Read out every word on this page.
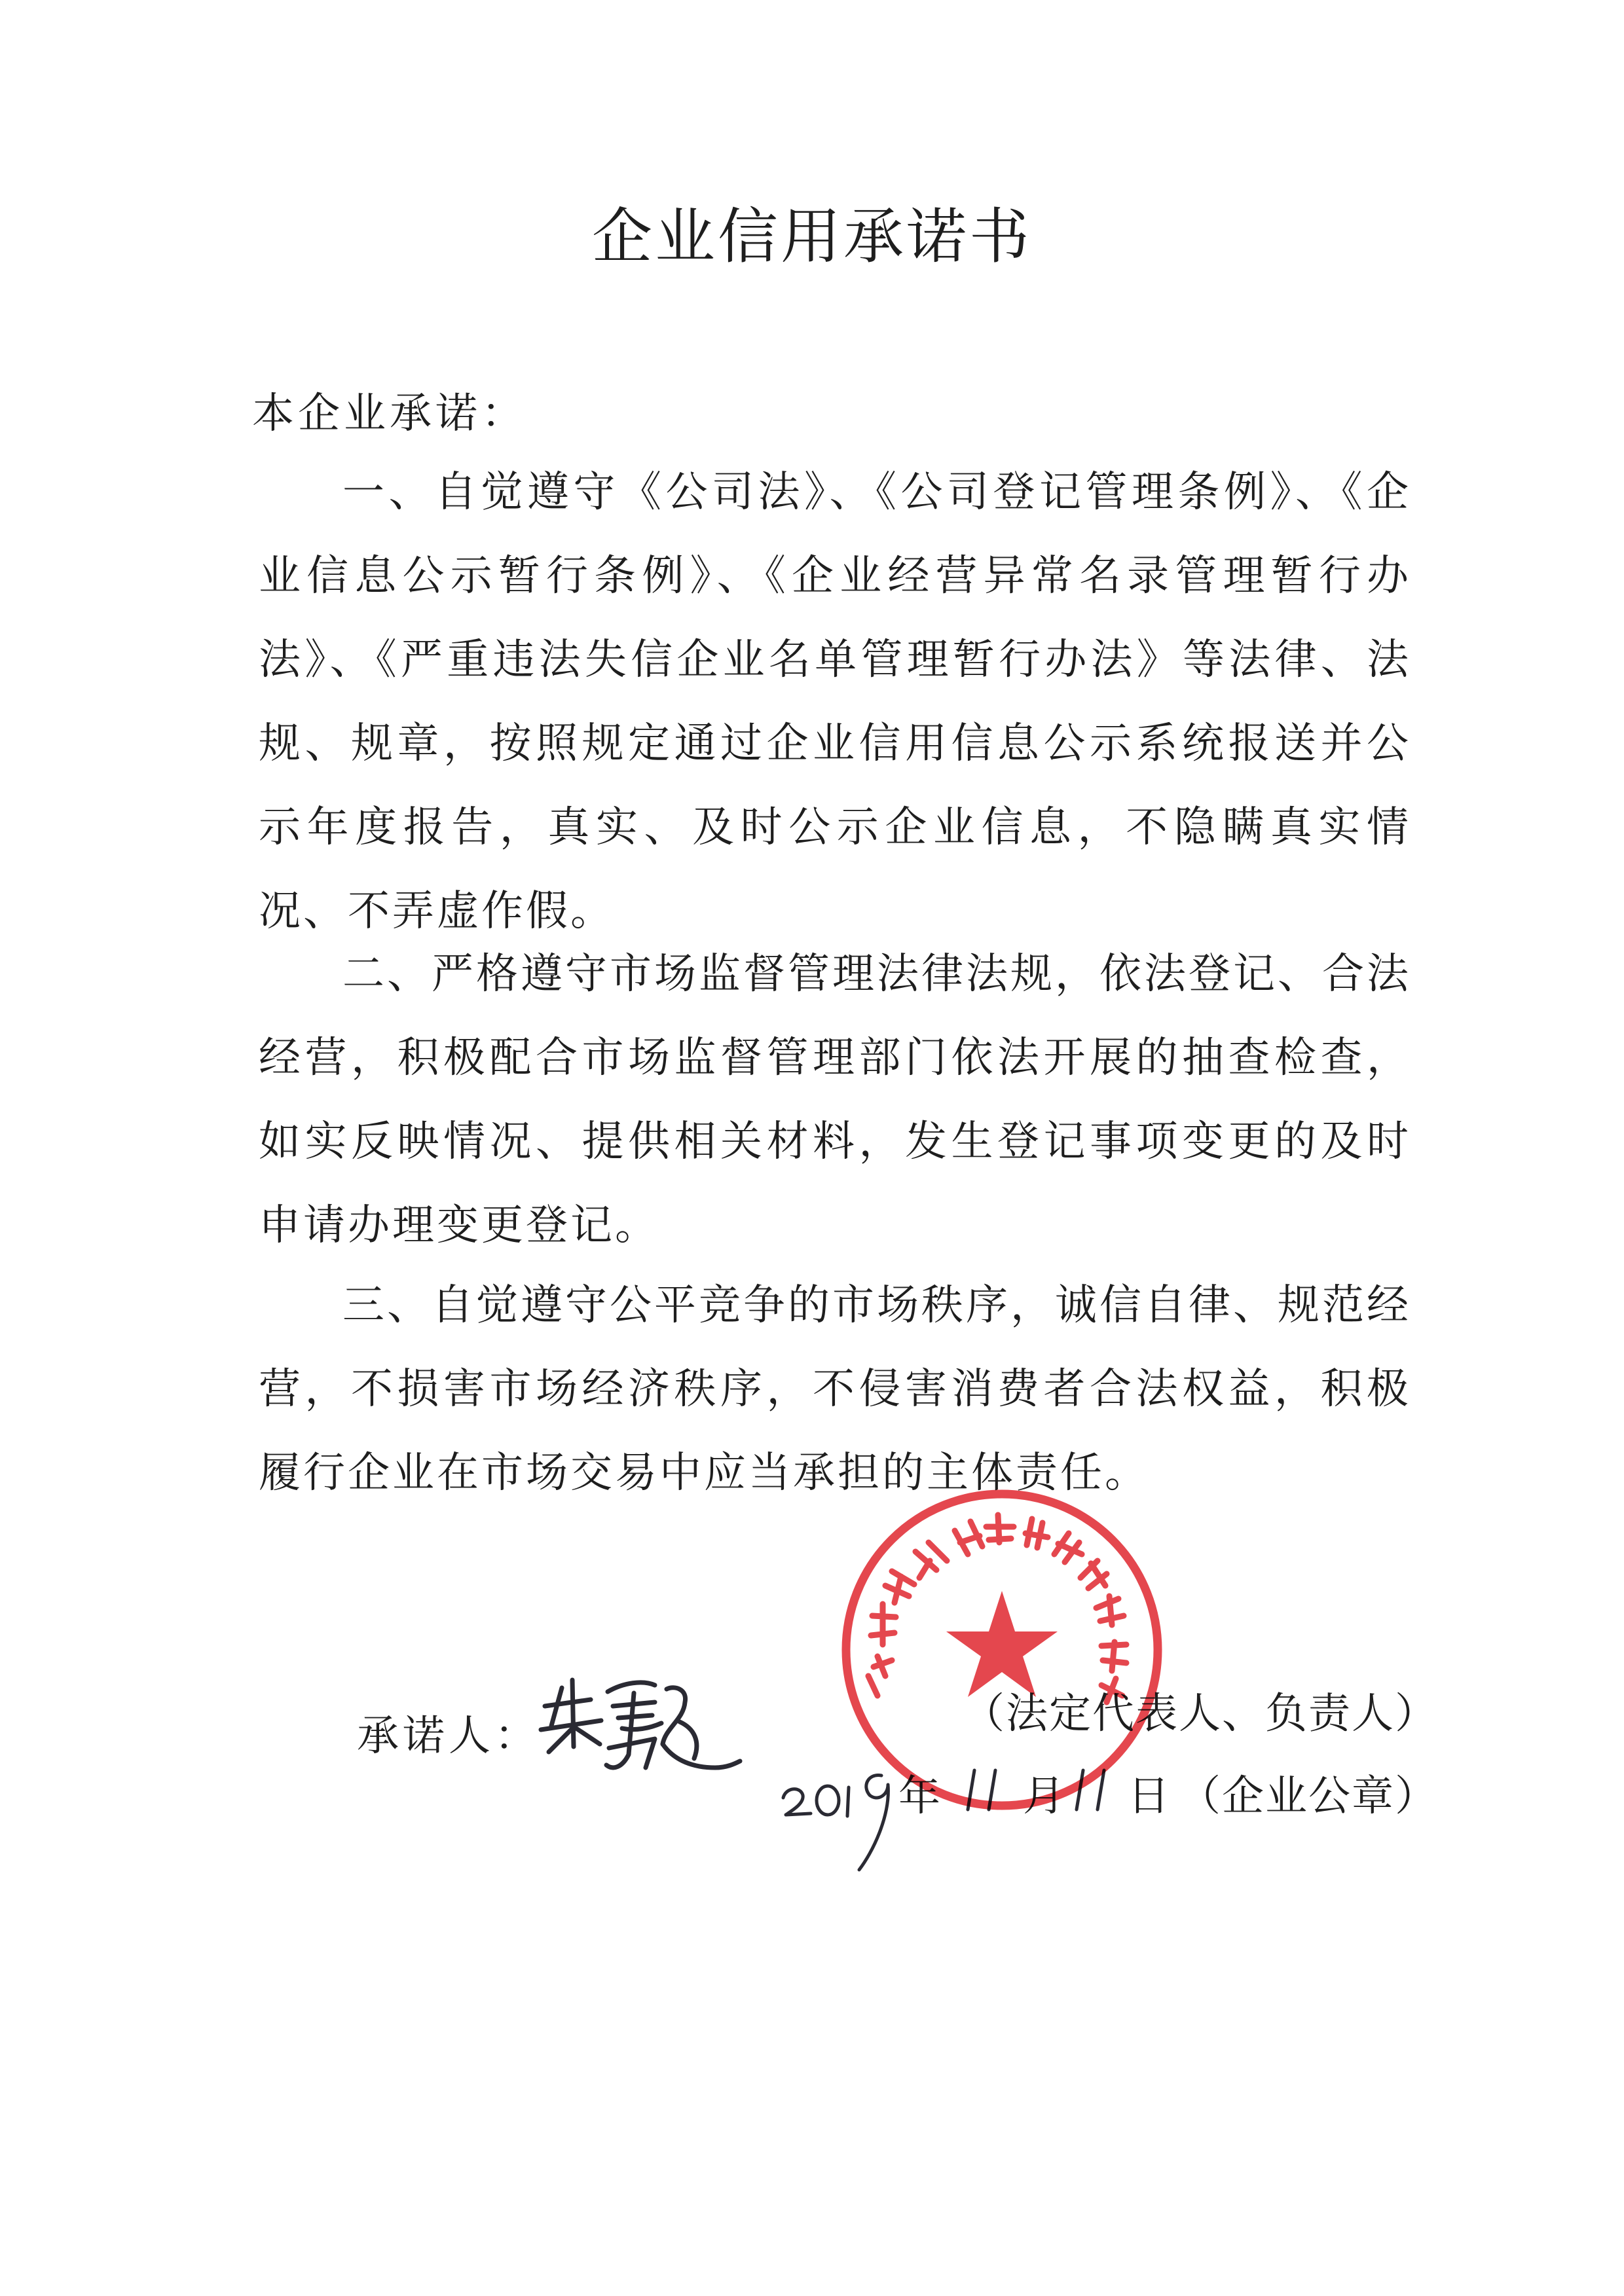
企业信用承诺书

本企业承诺：

一、自觉遵守《公司法》、《公司登记管理条例》、《企业信息公示暂行条例》、《企业经营异常名录管理暂行办法》、《严重违法失信企业名单管理暂行办法》等法律、法规、规章，按照规定通过企业信用信息公示系统报送并公示年度报告，真实、及时公示企业信息，不隐瞒真实情况、不弄虚作假。

二、严格遵守市场监督管理法律法规，依法登记、合法经营，积极配合市场监督管理部门依法开展的抽查检查，如实反映情况、提供相关材料，发生登记事项变更的及时申请办理变更登记。

三、自觉遵守公平竞争的市场秩序，诚信自律、规范经营，不损害市场经济秩序，不侵害消费者合法权益，积极履行企业在市场交易中应当承担的主体责任。

承诺人：	（法定代表人、负责人）
年 月 日 （企业公章）
